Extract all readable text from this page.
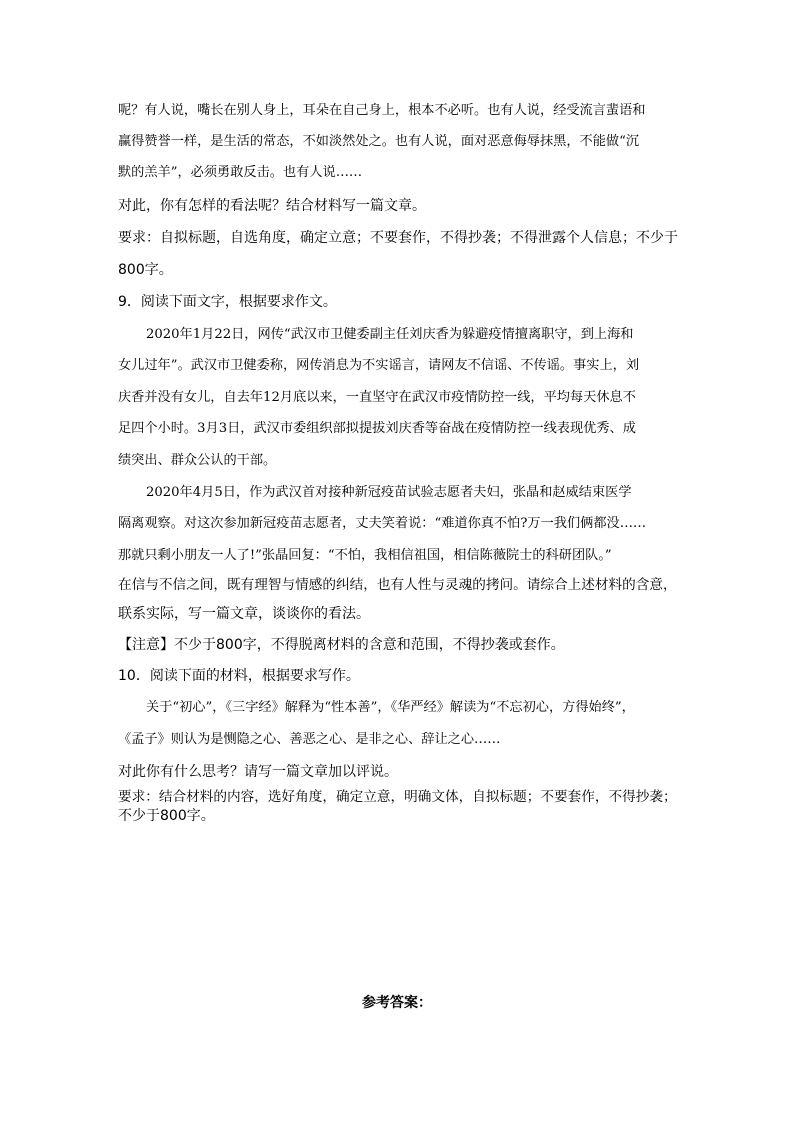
呢？有人说，嘴长在别人身上，耳朵在自己身上，根本不必听。也有人说，经受流言蜚语和

赢得赞誉一样，是生活的常态，不如淡然处之。也有人说，面对恶意侮辱抹黑，不能做“沉

默的羔羊”，必须勇敢反击。也有人说……

对此，你有怎样的看法呢？结合材料写一篇文章。

要求：自拟标题，自选角度，确定立意；不要套作，不得抄袭；不得泄露个人信息；不少于

800字。

9．阅读下面文字，根据要求作文。

2020年1月22日，网传“武汉市卫健委副主任刘庆香为躲避疫情擅离职守，到上海和

女儿过年”。武汉市卫健委称，网传消息为不实谣言，请网友不信谣、不传谣。事实上，刘

庆香并没有女儿，自去年12月底以来，一直坚守在武汉市疫情防控一线，平均每天休息不

足四个小时。3月3日，武汉市委组织部拟提拔刘庆香等奋战在疫情防控一线表现优秀、成

绩突出、群众公认的干部。

2020年4月5日，作为武汉首对接种新冠疫苗试验志愿者夫妇，张晶和赵威结束医学

隔离观察。对这次参加新冠疫苗志愿者，丈夫笑着说：“难道你真不怕?万一我们俩都没……

那就只剩小朋友一人了!”张晶回复：“不怕，我相信祖国，相信陈薇院士的科研团队。”

在信与不信之间，既有理智与情感的纠结，也有人性与灵魂的拷问。请综合上述材料的含意，

联系实际，写一篇文章，谈谈你的看法。

【注意】不少于800字，不得脱离材料的含意和范围，不得抄袭或套作。

10．阅读下面的材料，根据要求写作。

关于“初心”，《三字经》解释为“性本善”，《华严经》解读为“不忘初心，方得始终”，

《孟子》则认为是恻隐之心、善恶之心、是非之心、辞让之心……

对此你有什么思考？请写一篇文章加以评说。

要求：结合材料的内容，选好角度，确定立意，明确文体，自拟标题；不要套作，不得抄袭；

不少于800字。

参考答案：
